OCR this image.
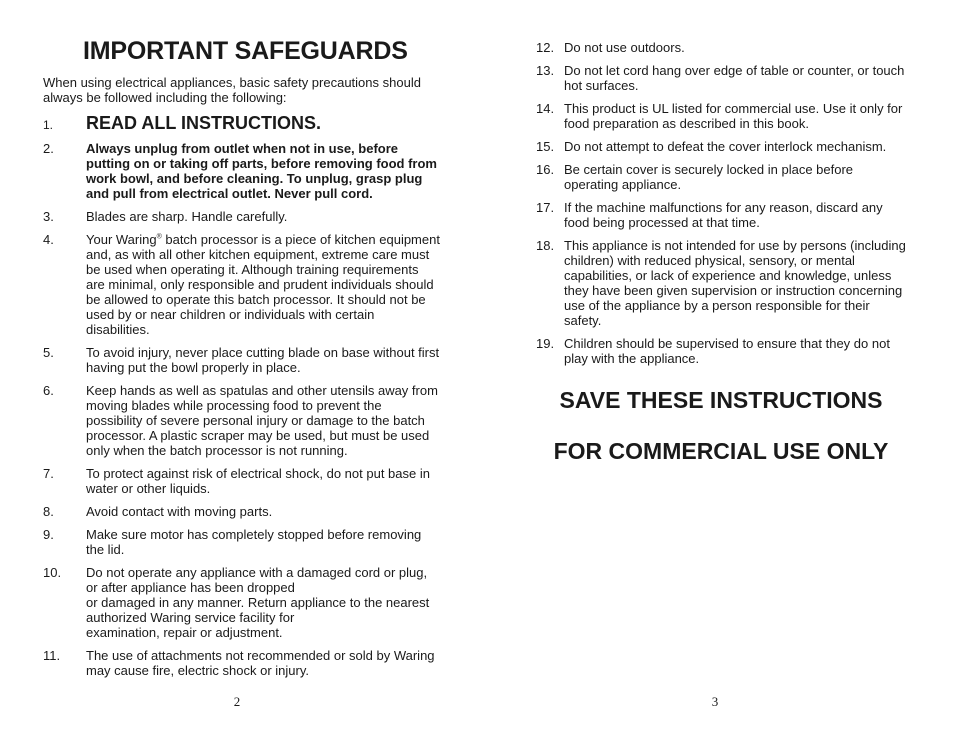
IMPORTANT SAFEGUARDS
When using electrical appliances, basic safety precautions should always be followed including the following:
1.	READ ALL INSTRUCTIONS.
2.	Always unplug from outlet when not in use, before putting on or taking off parts, before removing food from work bowl, and before cleaning. To unplug, grasp plug and pull from electrical outlet. Never pull cord.
3.	Blades are sharp. Handle carefully.
4.	Your Waring® batch processor is a piece of kitchen equipment and, as with all other kitchen equipment, extreme care must be used when operating it. Although training requirements are minimal, only responsible and prudent individuals should be allowed to operate this batch processor. It should not be used by or near children or individuals with certain disabilities.
5.	To avoid injury, never place cutting blade on base without first having put the bowl properly in place.
6.	Keep hands as well as spatulas and other utensils away from moving blades while processing food to prevent the possibility of severe personal injury or damage to the batch processor. A plastic scraper may be used, but must be used only when the batch processor is not running.
7.	To protect against risk of electrical shock, do not put base in water or other liquids.
8.	Avoid contact with moving parts.
9.	Make sure motor has completely stopped before removing the lid.
10.	Do not operate any appliance with a damaged cord or plug, or after appliance has been dropped
or damaged in any manner. Return appliance to the nearest authorized Waring service facility for
examination, repair or adjustment.
11.	The use of attachments not recommended or sold by Waring may cause fire, electric shock or injury.
2
12. Do not use outdoors.
13. Do not let cord hang over edge of table or counter, or touch hot surfaces.
14. This product is UL listed for commercial use. Use it only for food preparation as described in this book.
15. Do not attempt to defeat the cover interlock mechanism.
16. Be certain cover is securely locked in place before operating appliance.
17. If the machine malfunctions for any reason, discard any food being processed at that time.
18. This appliance is not intended for use by persons (including children) with reduced physical, sensory, or mental capabilities, or lack of experience and knowledge, unless they have been given supervision or instruction concerning use of the appliance by a person responsible for their safety.
19. Children should be supervised to ensure that they do not play with the appliance.
SAVE THESE INSTRUCTIONS
FOR COMMERCIAL USE ONLY
3
